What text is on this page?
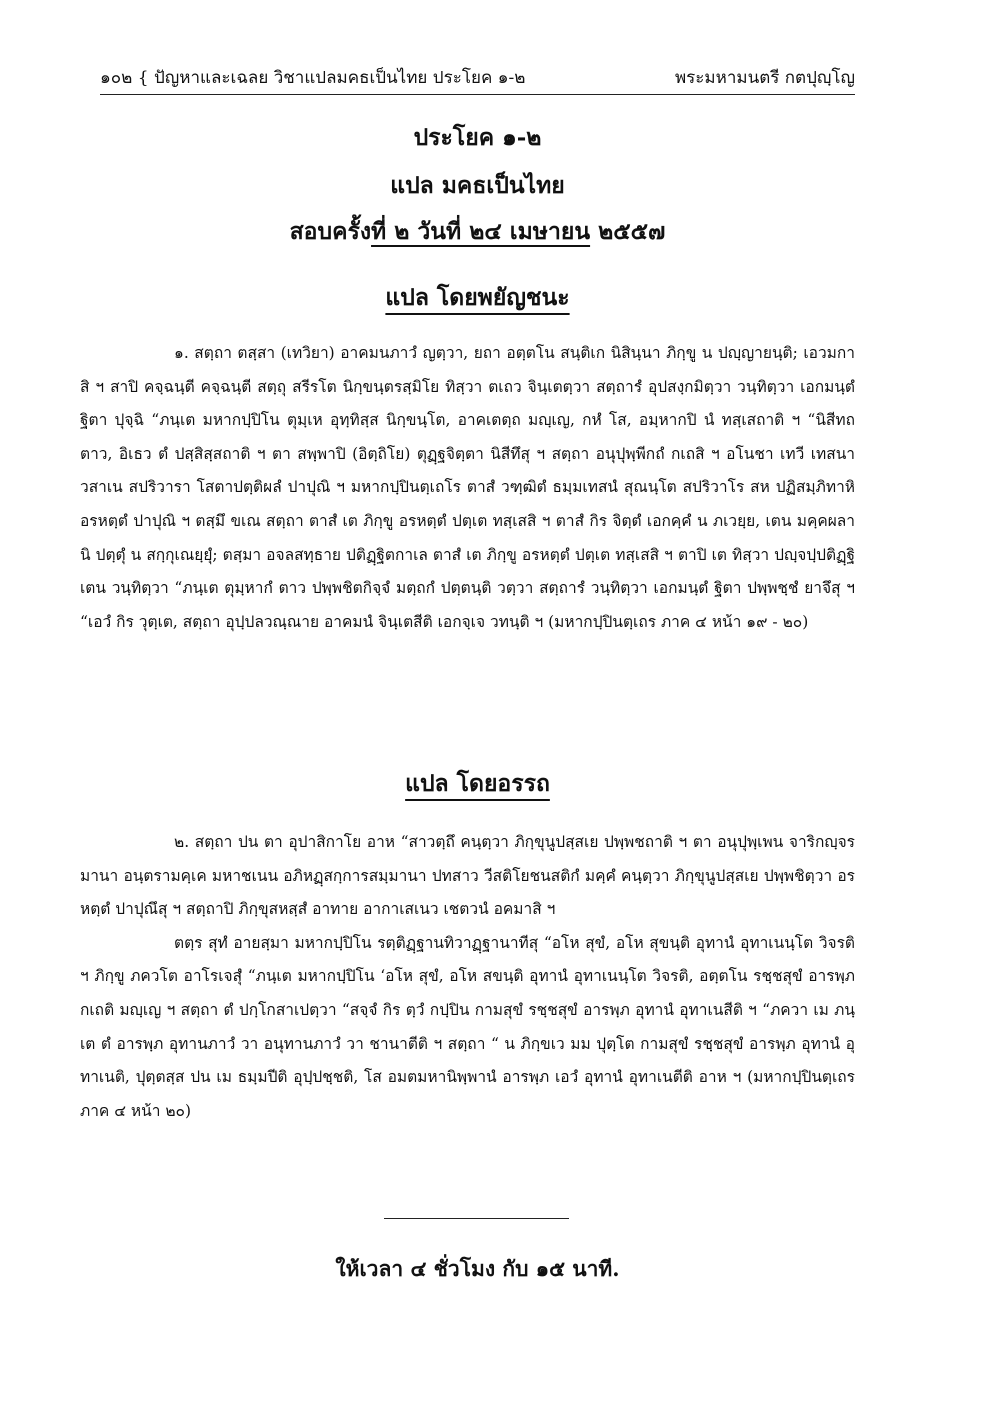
๑๐๒ { ปัญหาและเฉลย วิชาแปลมคธเป็นไทย ประโยค ๑-๒	พระมหามนตรี กตปุญฺโญ
ประโยค ๑-๒
แปล มคธเป็นไทย
สอบครั้งที่ ๒ วันที่ ๒๔ เมษายน ๒๕๕๗
แปล โดยพยัญชนะ

๑. สตฺถา ตสฺสา (เทวิยา) อาคมนภาวํ ญตฺวา, ยถา อตฺตโน สนฺติเก นิสินฺนา ภิกฺขู น ปญฺญายนฺติ; เอวมกาสิ ฯ สาปิ คจฺฉนฺตี คจฺฉนฺตี สตฺถุ สรีรโต นิกฺขนฺตรสฺมิโย ทิสฺวา ตเถว จินฺเตตฺวา สตฺถารํ อุปสงฺกมิตฺวา วนฺทิตฺวา เอกมนฺตํ ฐิตา ปุจฺฉิ “ภนฺเต มหากปฺปิโน ตุมฺเห อุทฺทิสฺส นิกฺขนฺโต, อาคเตตฺถ มญฺเญ, กหํ โส, อมฺหากปิ นํ ทสฺเสถาติ ฯ “นิสีทถ ตาว, อิเธว ตํ ปสฺสิสฺสถาติ ฯ ตา สพฺพาปิ (อิตฺถิโย) ตุฏฺฐจิตฺตา นิสีทึสุ ฯ สตฺถา อนุปุพฺพีกถํ กเถสิ ฯ อโนชา เทวี เทสนาวสาเน สปริวารา โสตาปตฺติผลํ ปาปุณิ ฯ มหากปฺปินตฺเถโร ตาสํ วฑฺฒิตํ ธมฺมเทสนํ สุณนฺโต สปริวาโร สห ปฏิสมฺภิทาหิ อรหตฺตํ ปาปุณิ ฯ ตสฺมึ ขเณ สตฺถา ตาสํ เต ภิกฺขู อรหตฺตํ ปตฺเต ทสฺเสสิ ฯ ตาสํ กิร จิตฺตํ เอกคฺคํ น ภเวยฺย, เตน มคฺคผลานิ ปตฺตุํ น สกฺกุเณยฺยุํ; ตสฺมา อจลสทฺธาย ปติฏฺฐิตกาเล ตาสํ เต ภิกฺขู อรหตฺตํ ปตฺเต ทสฺเสสิ ฯ ตาปิ เต ทิสฺวา ปญฺจปฺปติฏฺฐิเตน วนฺทิตฺวา “ภนฺเต ตุมฺหากํ ตาว ปพฺพชิตกิจฺจํ มตฺถกํ ปตฺตนฺติ วตฺวา สตฺถารํ วนฺทิตฺวา เอกมนฺตํ ฐิตา ปพฺพชฺชํ ยาจึสุ ฯ “เอวํ กิร วุตฺเต, สตฺถา อุปฺปลวณฺณาย อาคมนํ จินฺเตสีติ เอกจฺเจ วทนฺติ ฯ (มหากปฺปินตฺเถร ภาค ๔ หน้า ๑๙ - ๒๐)

แปล โดยอรรถ

๒. สตฺถา ปน ตา อุปาสิกาโย อาห “สาวตฺถึ คนฺตฺวา ภิกฺขุนูปสฺสเย ปพฺพชถาติ ฯ ตา อนุปุพฺเพน จาริกญฺจรมานา อนฺตรามคฺเค มหาชเนน อภิหฏฺสกฺการสมฺมานา ปทสาว วีสติโยชนสติกํ มคฺคํ คนฺตฺวา ภิกฺขุนูปสฺสเย ปพฺพชิตฺวา อรหตฺตํ ปาปุณึสุ ฯ สตฺถาปิ ภิกฺขุสหสฺสํ อาทาย อากาเสเนว เชตวนํ อคมาสิ ฯ

ตตฺร สุทํ อายสฺมา มหากปฺปิโน รตฺติฏฺฐานทิวาฏฺฐานาทีสุ “อโห สุขํ, อโห สุขนฺติ อุทานํ อุทาเนนฺโต วิจรติ ฯ ภิกฺขู ภควโต อาโรเจสุํ “ภนฺเต มหากปฺปิโน ‘อโห สุขํ, อโห สขนฺติ อุทานํ อุทาเนนฺโต วิจรติ, อตฺตโน รชฺชสุขํ อารพฺภ กเถติ มญฺเญ ฯ สตฺถา ตํ ปกฺโกสาเปตฺวา “สจฺจํ กิร ตฺวํ กปฺปิน กามสุขํ รชฺชสุขํ อารพฺภ อุทานํ อุทาเนสีติ ฯ “ภควา เม ภนฺเต ตํ อารพฺภ อุทานภาวํ วา อนุทานภาวํ วา ชานาตีติ ฯ สตฺถา “ น ภิกฺขเว มม ปุตฺโต กามสุขํ รชฺชสุขํ อารพฺภ อุทานํ อุทาเนติ, ปุตฺตสฺส ปน เม ธมฺมปีติ อุปฺปชฺชติ, โส อมตมหานิพฺพานํ อารพฺภ เอวํ อุทานํ อุทาเนตีติ อาห ฯ (มหากปฺปินตฺเถร ภาค ๔ หน้า ๒๐)

ให้เวลา ๔ ชั่วโมง กับ ๑๕ นาที.
